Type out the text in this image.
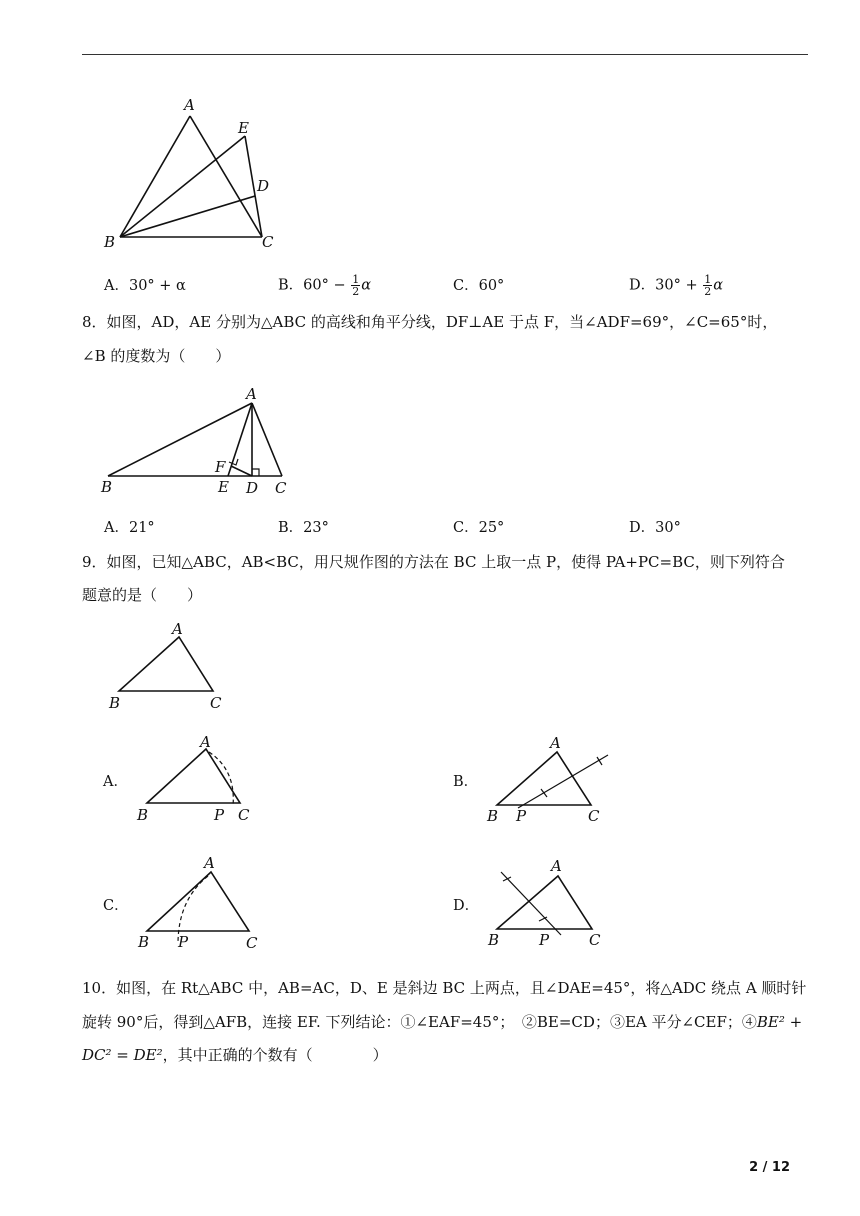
A
E
D
B	C
A．30° + α	B．$60^\circ - \frac{1}{2}$ α	C．60°	D．$30^\circ + \frac{1}{2}$ α
8．如图，AD，AE 分别为△ABC 的高线和角平分线，DF⊥AE 于点 F，当∠ADF=69°，∠C=65°时，
∠B 的度数为（　　）
A
F
B	E D C
A．21°	B．23°	C．25°	D．30°
9．如图，已知△ABC，AB<BC，用尺规作图的方法在 BC 上取一点 P，使得 PA+PC=BC，则下列符合
题意的是（　　）
A
B	C
A．
A
B	P C
B．
A
B P	C
C．
A
B P	C
D．
A
B	P	C
10．如图，在 Rt△ABC 中，AB=AC，D、E 是斜边 BC 上两点，且∠DAE=45°，将△ADC 绕点 A 顺时针
旋转 90°后，得到△AFB，连接 EF. 下列结论：①∠EAF=45°；　②BE=CD；③EA 平分∠CEF；④BE² +
DC² = DE²，其中正确的个数有（　　　　）
2 / 12
